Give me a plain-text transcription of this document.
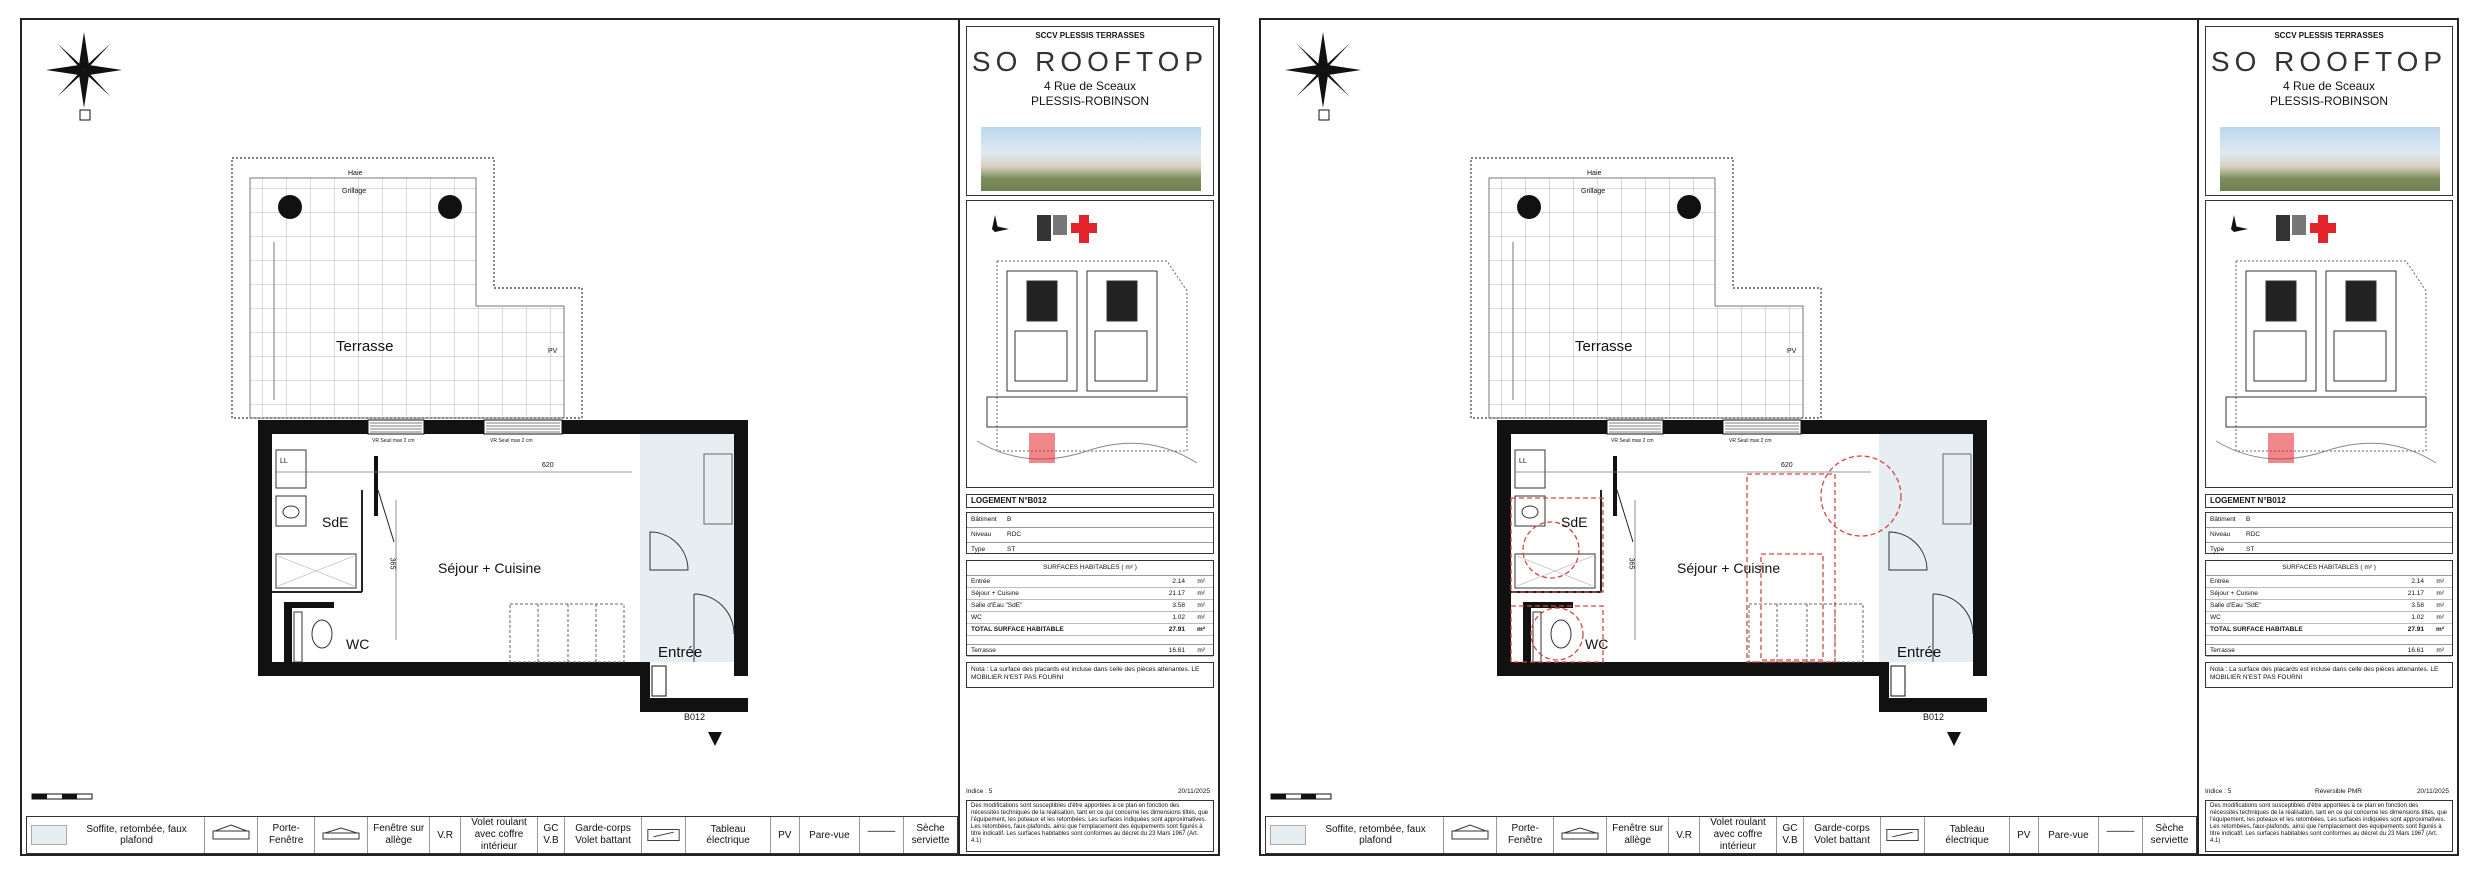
Terrasse
Haie
Grillage
PV
LL
SdE
Séjour + Cuisine
WC	Entrée
B012
620
365
VR Seuil max 2 cm	VR Seuil max 2 cm
SCCV PLESSIS TERRASSES
SO ROOFTOP
4 Rue de Sceaux
PLESSIS-ROBINSON
LOGEMENT N°B012
Bâtiment B
Niveau RDC
Type	ST
SURFACES HABITABLES ( m² )
Entrée	2.14 m²
Séjour + Cuisine	21.17 m²
Salle d'Eau "SdE"	3.58 m²
WC	1.02 m²
TOTAL SURFACE HABITABLE	27.91 m²
Terrasse	16.61 m²
Nota : La surface des placards est incluse dans celle des pièces attenantes. LE MOBILIER N'EST PAS FOURNI
Indice : 5	20/11/2025
Des modifications sont susceptibles d'être apportées à ce plan en fonction des nécessités techniques de la réalisation, tant en ce qui concerne les dimensions tiltés, que l'équipement, les poteaux et les retombées. Les surfaces indiquées sont approximatives. Les retombées, faux-plafonds, ainsi que l'emplacement des équipements sont figurés à titre indicatif. Les surfaces habitables sont conformes au décret du 23 Mars 1967 (Art. 4.1)
Soffite, retombée, faux plafond
Porte-
Fenêtre
Fenêtre sur
allège	V.R
Volet roulant
avec coffre
intérieur
GC
V.B
Garde-corps
Volet battant
Tableau électrique	PV	Pare-vue
Sèche
serviette
Terrasse
Haie
Grillage
PV
LL
SdE
Séjour + Cuisine
WC	Entrée
B012
620
365
VR Seuil max 2 cm	VR Seuil max 2 cm
SCCV PLESSIS TERRASSES
SO ROOFTOP
4 Rue de Sceaux
PLESSIS-ROBINSON
LOGEMENT N°B012
Bâtiment B
Niveau RDC
Type	ST
SURFACES HABITABLES ( m² )
Entrée	2.14 m²
Séjour + Cuisine	21.17 m²
Salle d'Eau "SdE"	3.58 m²
WC	1.02 m²
TOTAL SURFACE HABITABLE	27.91 m²
Terrasse	16.61 m²
Nota : La surface des placards est incluse dans celle des pièces attenantes. LE MOBILIER N'EST PAS FOURNI
Indice : 5	Réversible PMR	20/11/2025
Des modifications sont susceptibles d'être apportées à ce plan en fonction des nécessités techniques de la réalisation, tant en ce qui concerne les dimensions tiltés, que l'équipement, les poteaux et les retombées. Les surfaces indiquées sont approximatives. Les retombées, faux-plafonds, ainsi que l'emplacement des équipements sont figurés à titre indicatif. Les surfaces habitables sont conformes au décret du 23 Mars 1967 (Art. 4.1)
Soffite, retombée, faux plafond
Porte-
Fenêtre
Fenêtre sur
allège	V.R
Volet roulant
avec coffre
intérieur
GC
V.B
Garde-corps
Volet battant
Tableau électrique	PV	Pare-vue
Sèche
serviette
